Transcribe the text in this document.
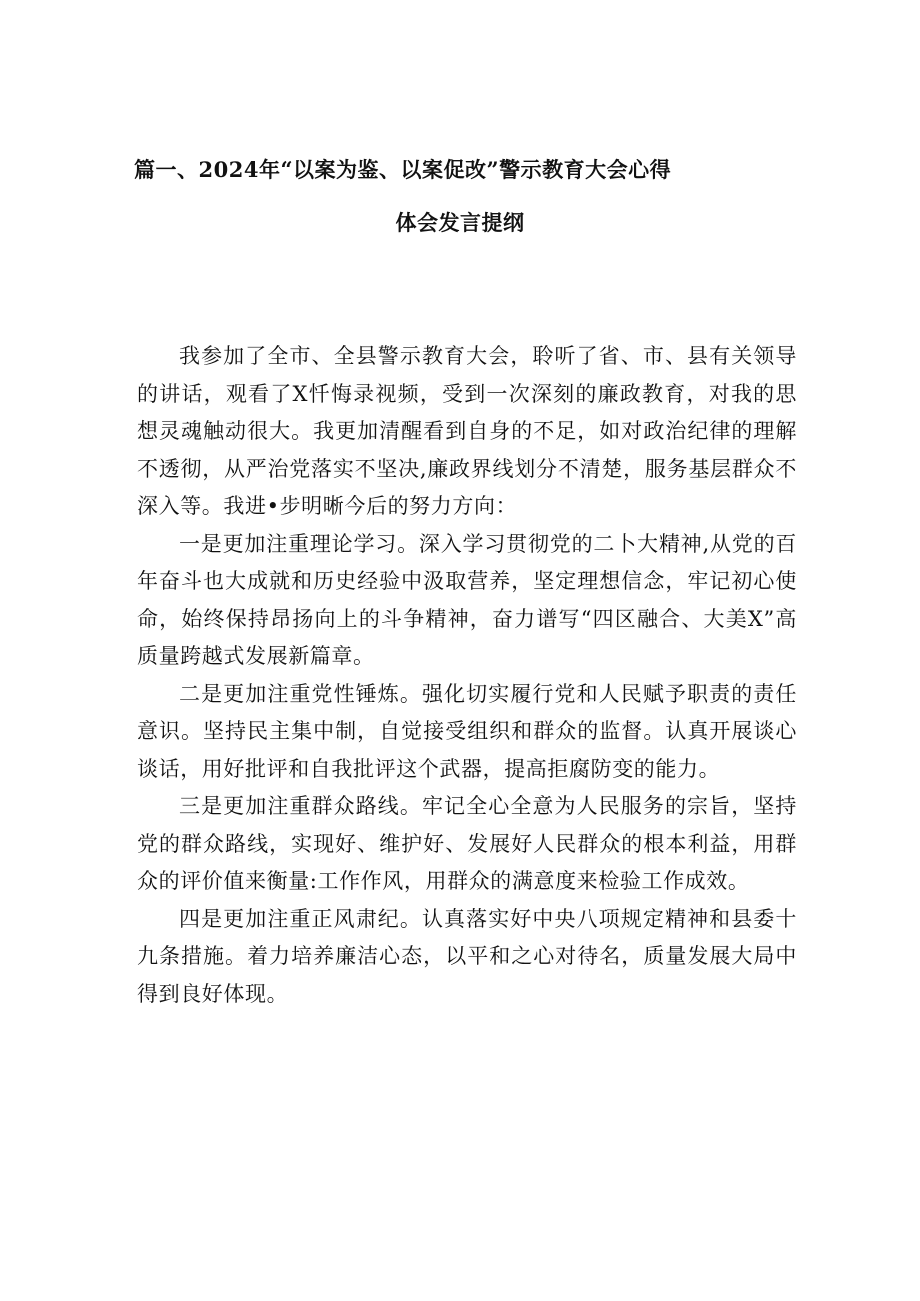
篇一、2024年“以案为鉴、以案促改”警示教育大会心得
体会发言提纲

我参加了全市、全县警示教育大会，聆听了省、市、县有关领导的讲话，观看了X忏悔录视频，受到一次深刻的廉政教育，对我的思想灵魂触动很大。我更加清醒看到自身的不足，如对政治纪律的理解不透彻，从严治党落实不坚决,廉政界线划分不清楚，服务基层群众不深入等。我进•步明晰今后的努力方向：

一是更加注重理论学习。深入学习贯彻党的二卜大精神,从党的百年奋斗也大成就和历史经验中汲取营养，坚定理想信念，牢记初心使命，始终保持昂扬向上的斗争精神，奋力谱写“四区融合、大美X”高质量跨越式发展新篇章。

二是更加注重党性锤炼。强化切实履行党和人民赋予职责的责任意识。坚持民主集中制，自觉接受组织和群众的监督。认真开展谈心谈话，用好批评和自我批评这个武器，提高拒腐防变的能力。

三是更加注重群众路线。牢记全心全意为人民服务的宗旨，坚持党的群众路线，实现好、维护好、发展好人民群众的根本利益，用群众的评价值来衡量:工作作风，用群众的满意度来检验工作成效。

四是更加注重正风肃纪。认真落实好中央八项规定精神和县委十九条措施。着力培养廉洁心态，以平和之心对待名，质量发展大局中得到良好体现。
